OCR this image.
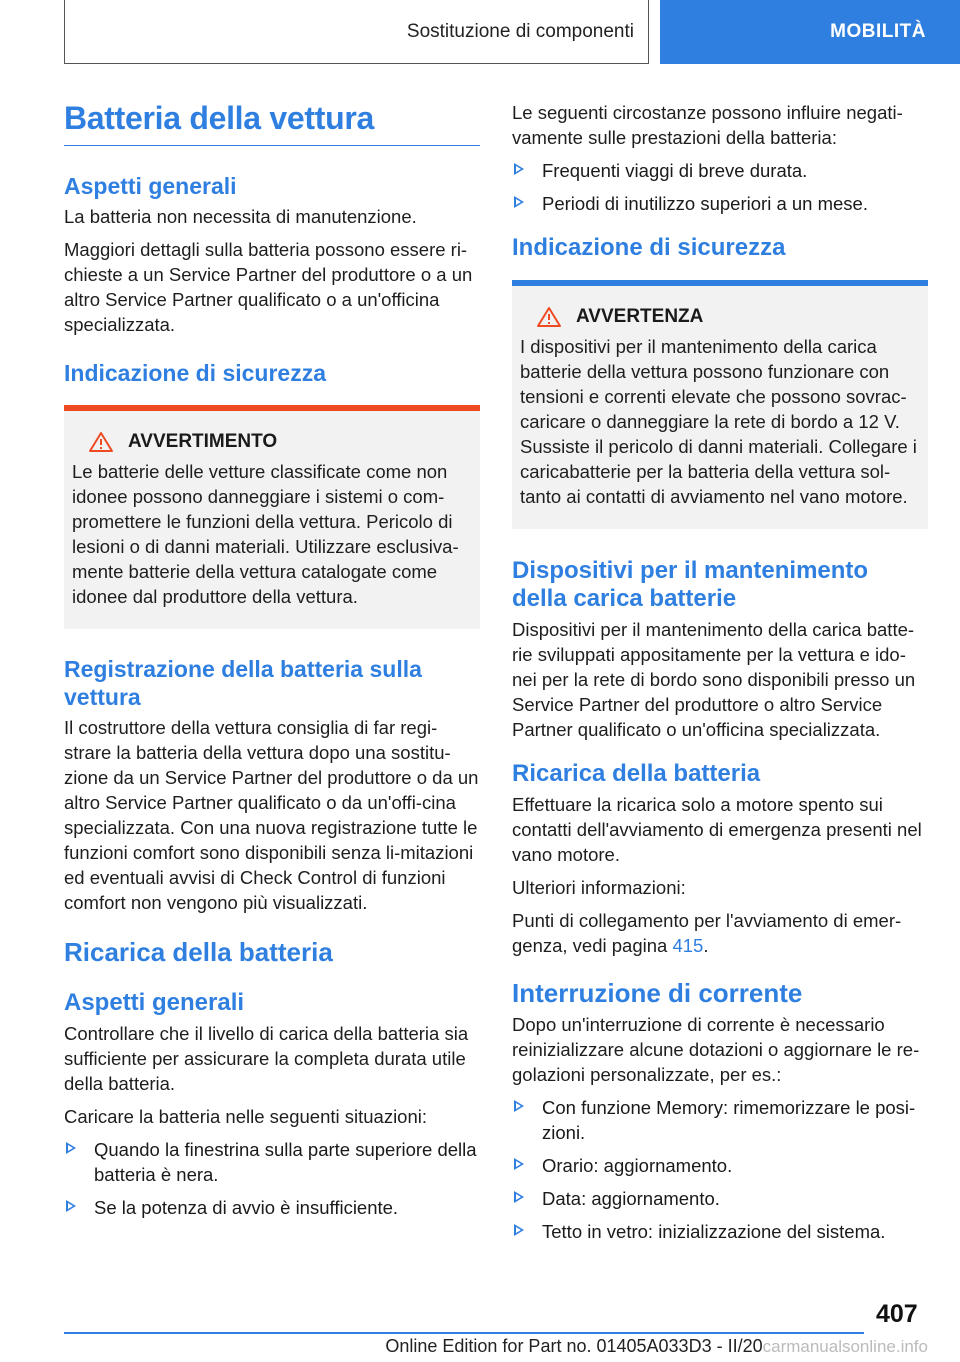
Sostituzione di componenti	MOBILITÀ
Batteria della vettura
Aspetti generali

La batteria non necessita di manutenzione.

Maggiori dettagli sulla batteria possono essere ri-chieste a un Service Partner del produttore o a un altro Service Partner qualificato o a un'officina specializzata.

Indicazione di sicurezza
AVVERTIMENTO

Le batterie delle vetture classificate come non idonee possono danneggiare i sistemi o com-promettere le funzioni della vettura. Pericolo di lesioni o di danni materiali. Utilizzare esclusiva-mente batterie della vettura catalogate come idonee dal produttore della vettura.

Registrazione della batteria sulla vettura

Il costruttore della vettura consiglia di far regi-strare la batteria della vettura dopo una sostitu-zione da un Service Partner del produttore o da un altro Service Partner qualificato o da un'offi-cina specializzata. Con una nuova registrazione tutte le funzioni comfort sono disponibili senza li-mitazioni ed eventuali avvisi di Check Control di funzioni comfort non vengono più visualizzati.

Ricarica della batteria
Aspetti generali

Controllare che il livello di carica della batteria sia sufficiente per assicurare la completa durata utile della batteria.

Caricare la batteria nelle seguenti situazioni:

Quando la finestrina sulla parte superiore della batteria è nera.
Se la potenza di avvio è insufficiente.

Le seguenti circostanze possono influire negati-vamente sulle prestazioni della batteria:

Frequenti viaggi di breve durata.
Periodi di inutilizzo superiori a un mese.
Indicazione di sicurezza
AVVERTENZA

I dispositivi per il mantenimento della carica batterie della vettura possono funzionare con tensioni e correnti elevate che possono sovrac-caricare o danneggiare la rete di bordo a 12 V. Sussiste il pericolo di danni materiali. Collegare i caricabatterie per la batteria della vettura sol-tanto ai contatti di avviamento nel vano motore.

Dispositivi per il mantenimento della carica batterie

Dispositivi per il mantenimento della carica batte-rie sviluppati appositamente per la vettura e ido-nei per la rete di bordo sono disponibili presso un Service Partner del produttore o altro Service Partner qualificato o un'officina specializzata.

Ricarica della batteria

Effettuare la ricarica solo a motore spento sui contatti dell'avviamento di emergenza presenti nel vano motore.

Ulteriori informazioni:

Punti di collegamento per l'avviamento di emer-genza, vedi pagina 415.

Interruzione di corrente

Dopo un'interruzione di corrente è necessario reinizializzare alcune dotazioni o aggiornare le re-golazioni personalizzate, per es.:

Con funzione Memory: rimemorizzare le posi-zioni.
Orario: aggiornamento.
Data: aggiornamento.
Tetto in vetro: inizializzazione del sistema.
407
Online Edition for Part no. 01405A033D3 - II/20carmanualsonline.info
